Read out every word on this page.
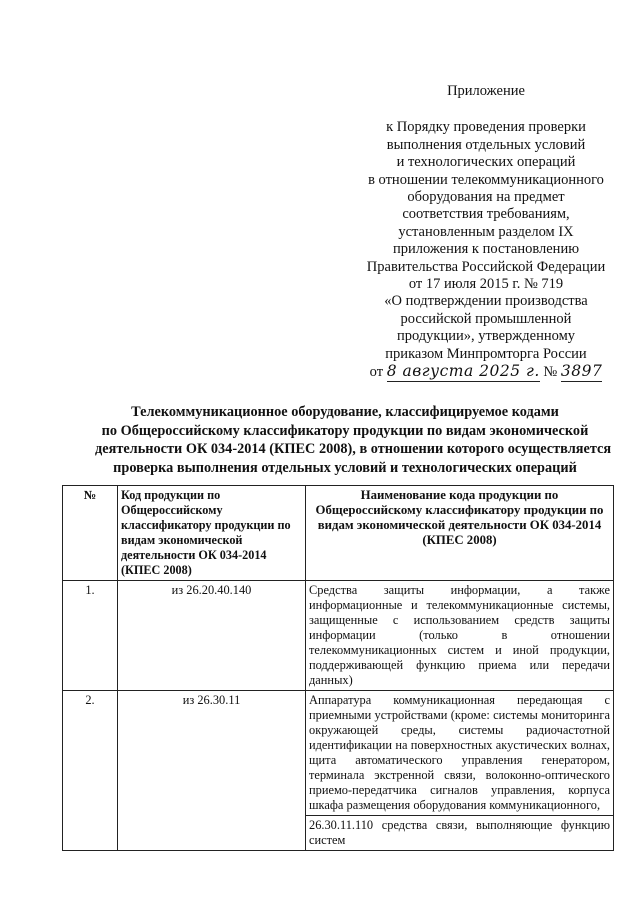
Приложение
к Порядку проведения проверки
выполнения отдельных условий
и технологических операций
в отношении телекоммуникационного
оборудования на предмет
соответствия требованиям,
установленным разделом IX
приложения к постановлению
Правительства Российской Федерации
от 17 июля 2015 г. № 719
«О подтверждении производства
российской промышленной
продукции», утвержденному
приказом Минпромторга России
от 8 августа 2025 г. № 3897
Телекоммуникационное оборудование, классифицируемое кодами
по Общероссийскому классификатору продукции по видам экономической
деятельности ОК 034-2014 (КПЕС 2008), в отношении которого осуществляется
проверка выполнения отдельных условий и технологических операций
№	Код продукции по Общероссийскому классификатору продукции по видам экономической деятельности ОК 034-2014 (КПЕС 2008)	Наименование кода продукции по Общероссийскому классификатору продукции по видам экономической деятельности ОК 034-2014 (КПЕС 2008)
1.	из 26.20.40.140	Средства защиты информации, а также информационные и телекоммуникационные системы, защищенные с использованием средств защиты информации (только в отношении телекоммуникационных систем и иной продукции, поддерживающей функцию приема или передачи данных)
2.	из 26.30.11	Аппаратура коммуникационная передающая с приемными устройствами (кроме: системы мониторинга окружающей среды, системы радиочастотной идентификации на поверхностных акустических волнах, щита автоматического управления генератором, терминала экстренной связи, волоконно-оптического приемо-передатчика сигналов управления, корпуса шкафа размещения оборудования коммуникационного,
		26.30.11.110 средства связи, выполняющие функцию систем
